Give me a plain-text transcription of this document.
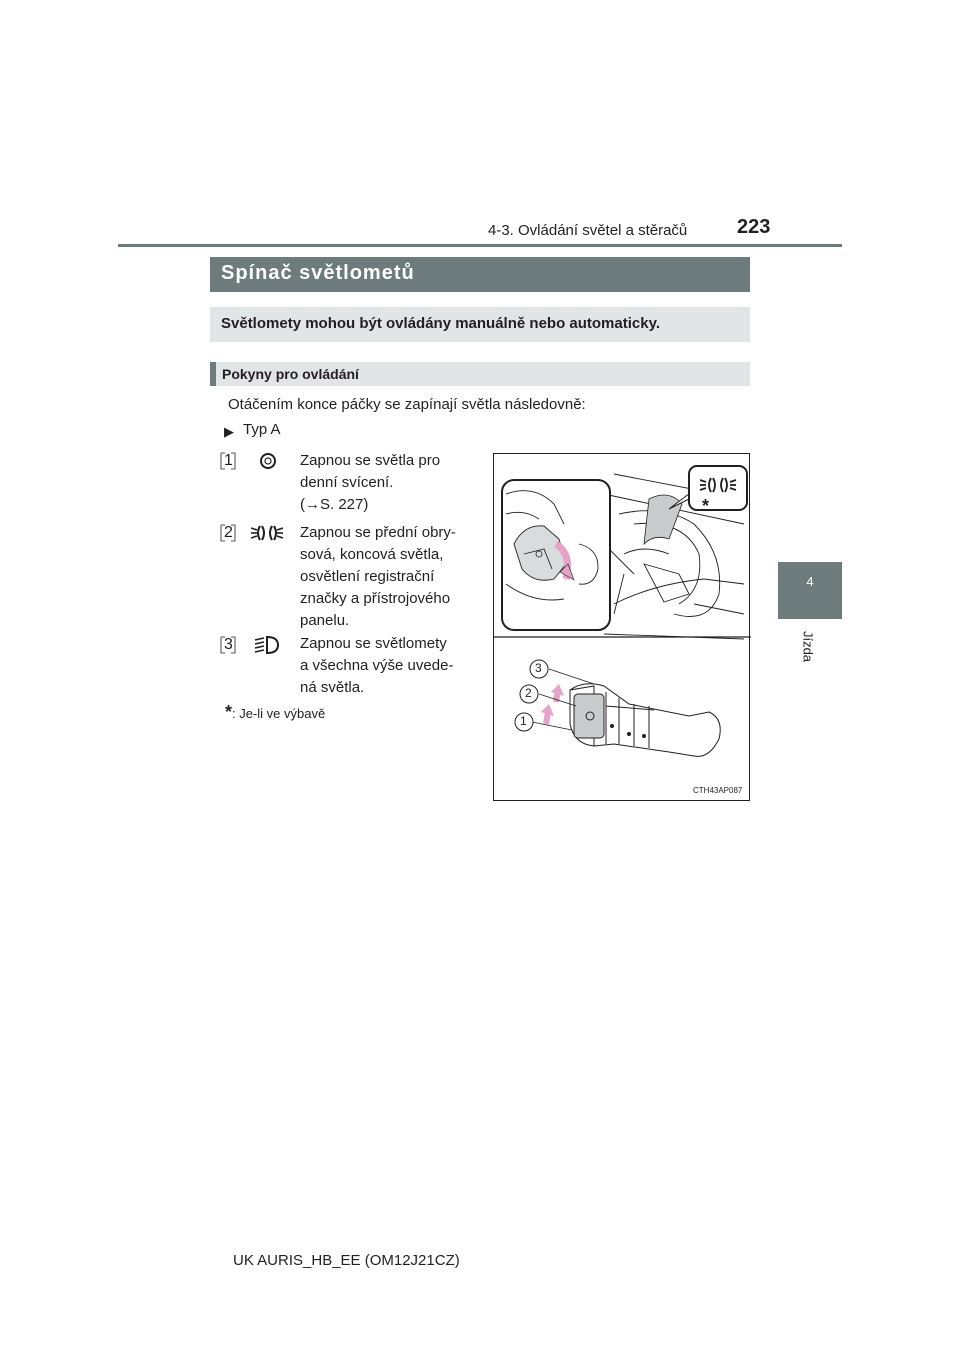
4-3. Ovládání světel a stěračů 223
4
Jízda
Spínač světlometů
Světlomety mohou být ovládány manuálně nebo automaticky.
Pokyny pro ovládání
Otáčením konce páčky se zapínají světla následovně:
▶ Typ A
1	Zapnou se světla pro

denní svícení.

(→S. 227)

2	Zapnou se přední obry-

sová, koncová světla,

osvětlení registrační

značky a přístrojového

panelu.

3	Zapnou se světlomety

a všechna výše uvede-

ná světla.

*: Je-li ve výbavě
3
2
1
*
CTH43AP087
UK AURIS_HB_EE (OM12J21CZ)
